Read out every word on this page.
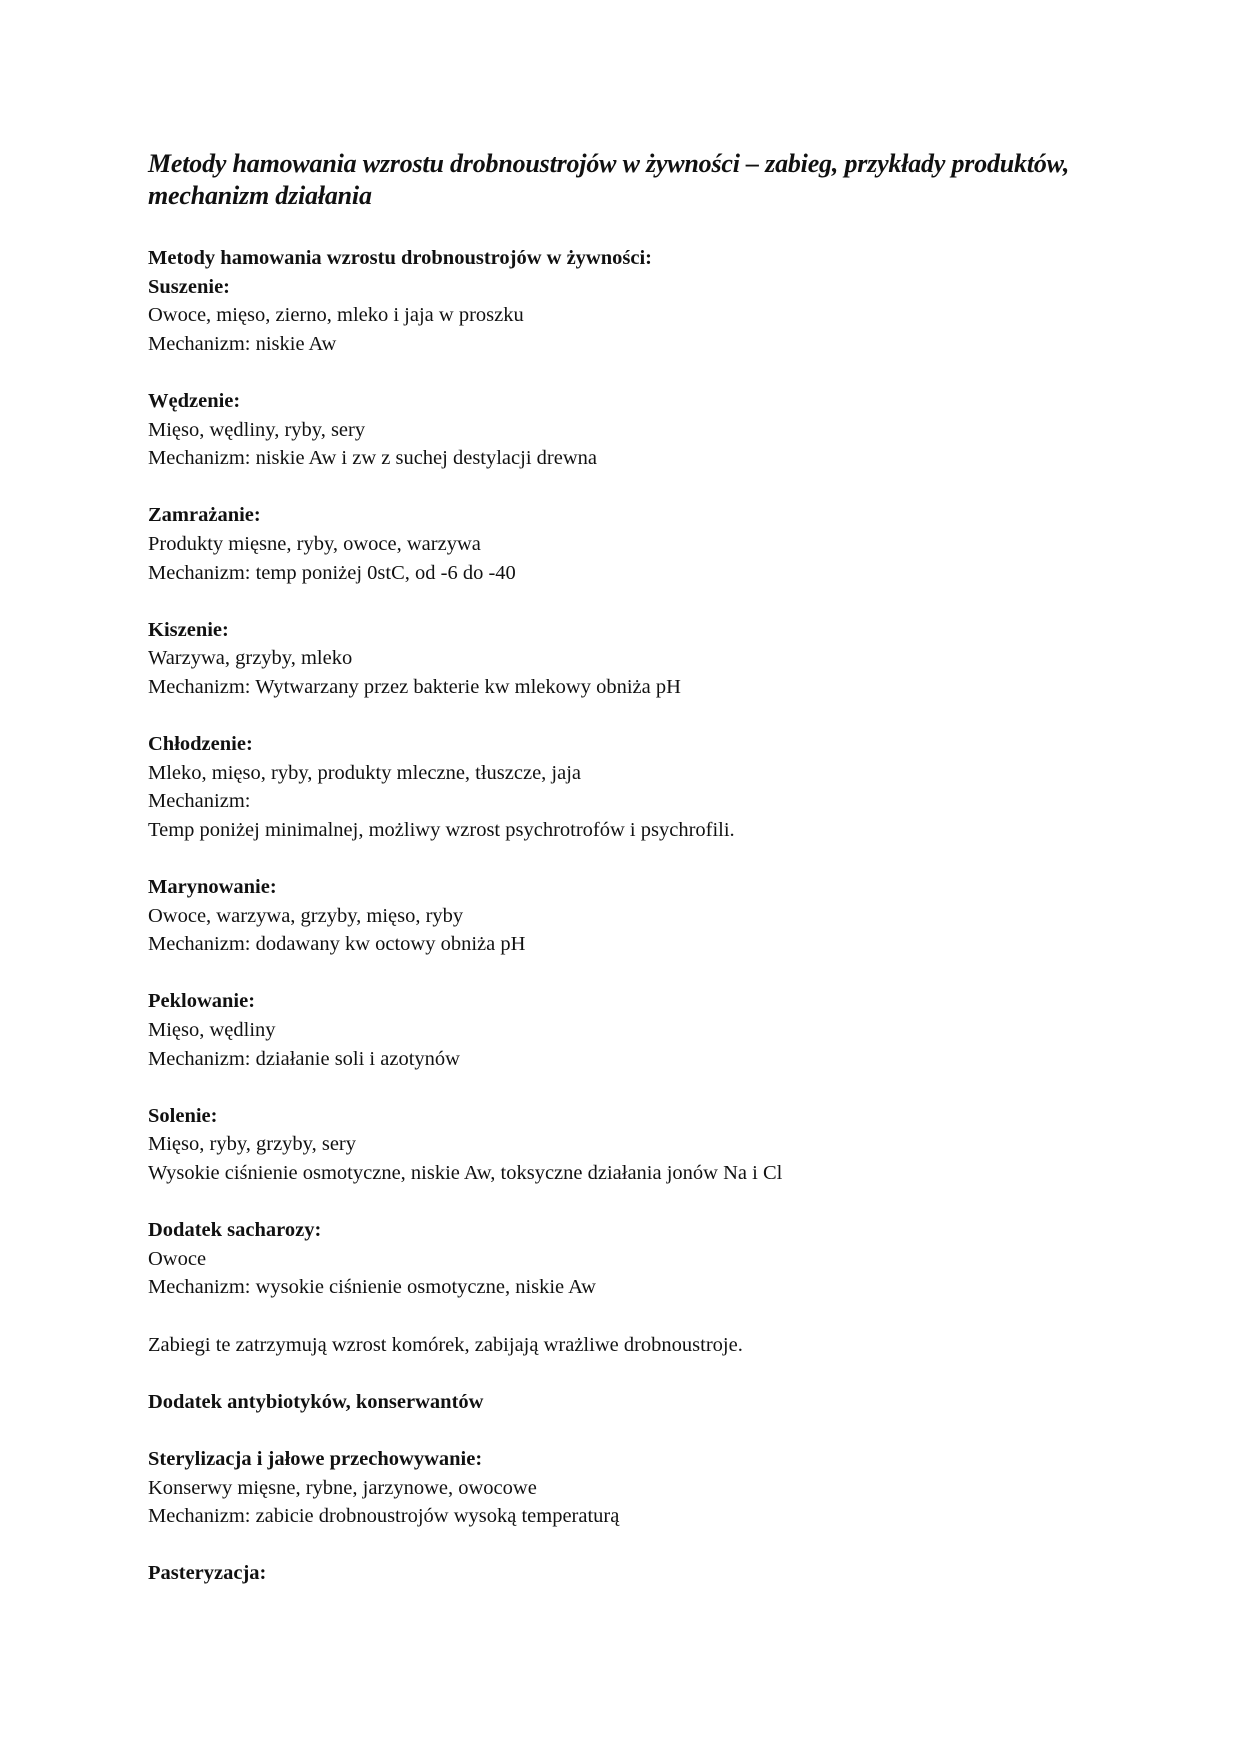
Metody hamowania wzrostu drobnoustrojów w żywności – zabieg, przykłady produktów, mechanizm działania
Metody hamowania wzrostu drobnoustrojów w żywności:
Suszenie:
Owoce, mięso, zierno, mleko i jaja w proszku
Mechanizm: niskie Aw
Wędzenie:
Mięso, wędliny, ryby, sery
Mechanizm: niskie Aw i zw z suchej destylacji drewna
Zamrażanie:
Produkty mięsne, ryby, owoce, warzywa
Mechanizm: temp poniżej 0stC, od -6 do -40
Kiszenie:
Warzywa, grzyby, mleko
Mechanizm: Wytwarzany przez bakterie kw mlekowy obniża pH
Chłodzenie:
Mleko, mięso, ryby, produkty mleczne, tłuszcze, jaja
Mechanizm:
Temp poniżej minimalnej, możliwy wzrost psychrotrofów i psychrofili.
Marynowanie:
Owoce, warzywa, grzyby, mięso, ryby
Mechanizm: dodawany kw octowy obniża pH
Peklowanie:
Mięso, wędliny
Mechanizm: działanie soli i azotynów
Solenie:
Mięso, ryby, grzyby, sery
Wysokie ciśnienie osmotyczne, niskie Aw, toksyczne działania jonów Na i Cl
Dodatek sacharozy:
Owoce
Mechanizm: wysokie ciśnienie osmotyczne, niskie Aw
Zabiegi te zatrzymują wzrost komórek, zabijają wrażliwe drobnoustroje.
Dodatek antybiotyków, konserwantów
Sterylizacja i jałowe przechowywanie:
Konserwy mięsne, rybne, jarzynowe, owocowe
Mechanizm: zabicie drobnoustrojów wysoką temperaturą
Pasteryzacja:
